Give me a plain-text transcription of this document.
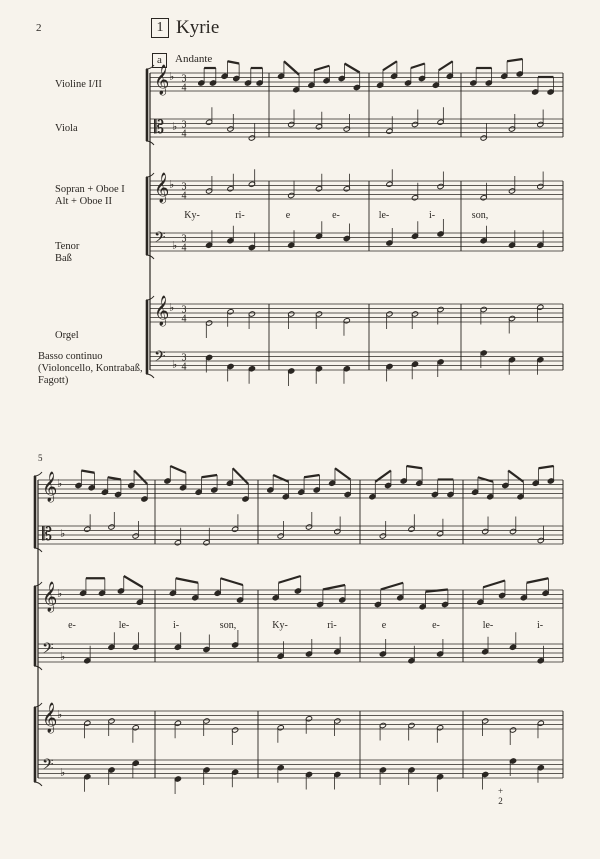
2	1 Kyrie
a	Andante
Violine I/II
Viola
Sopran + Oboe I
Alt + Oboe II
Tenor
Baß
Orgel
Basso continuo
(Violoncello, Kontrabaß,
Fagott)
5
+
2
𝄞 ♭ 3
4
𝄡 ♭ 3
4
𝄞 ♭ 3
4
𝄢 ♭
3
4
𝄞 ♭ 3
4
𝄢 ♭
3
4
Ky-	ri-	e	e-	le-	i-	son,
𝄞 ♭
𝄡 ♭
𝄞 ♭
𝄢 ♭
𝄞 ♭
𝄢 ♭
e-	le-	i-	son,	Ky-	ri-	e	e-	le-	i-
